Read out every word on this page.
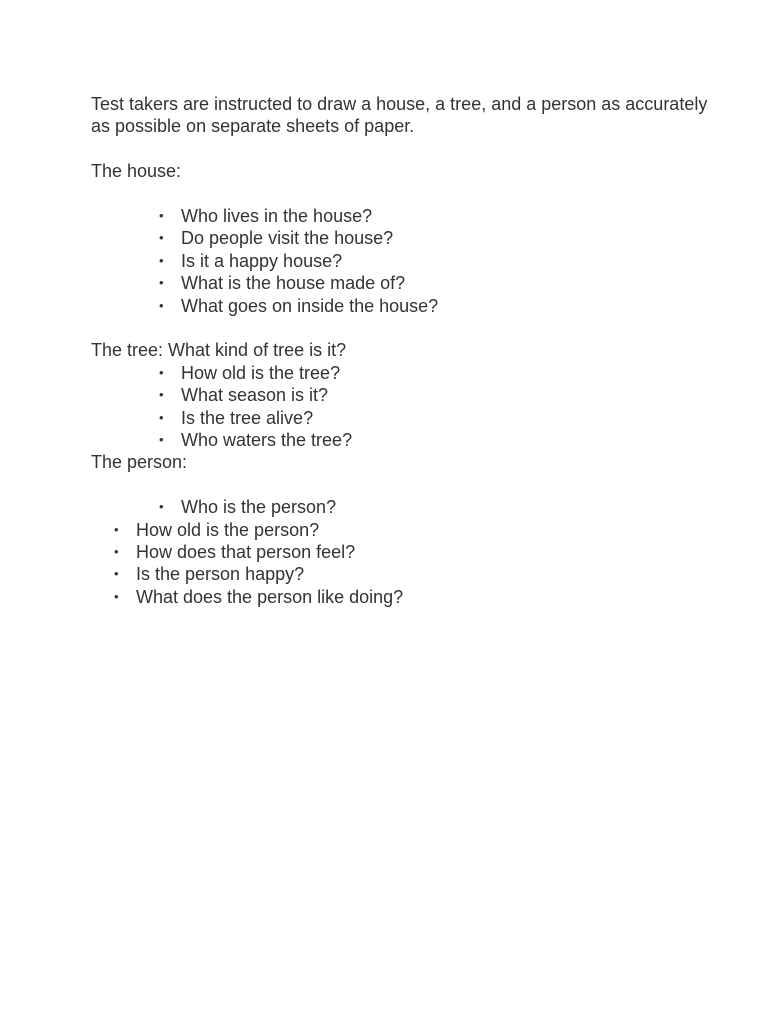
Test takers are instructed to draw a house, a tree, and a person as accurately as possible on separate sheets of paper.

The house:

• Who lives in the house?
• Do people visit the house?
• Is it a happy house?
• What is the house made of?
• What goes on inside the house?

The tree: What kind of tree is it?

• How old is the tree?
• What season is it?
• Is the tree alive?
• Who waters the tree?

The person:

• Who is the person?
• How old is the person?
• How does that person feel?
• Is the person happy?
• What does the person like doing?
